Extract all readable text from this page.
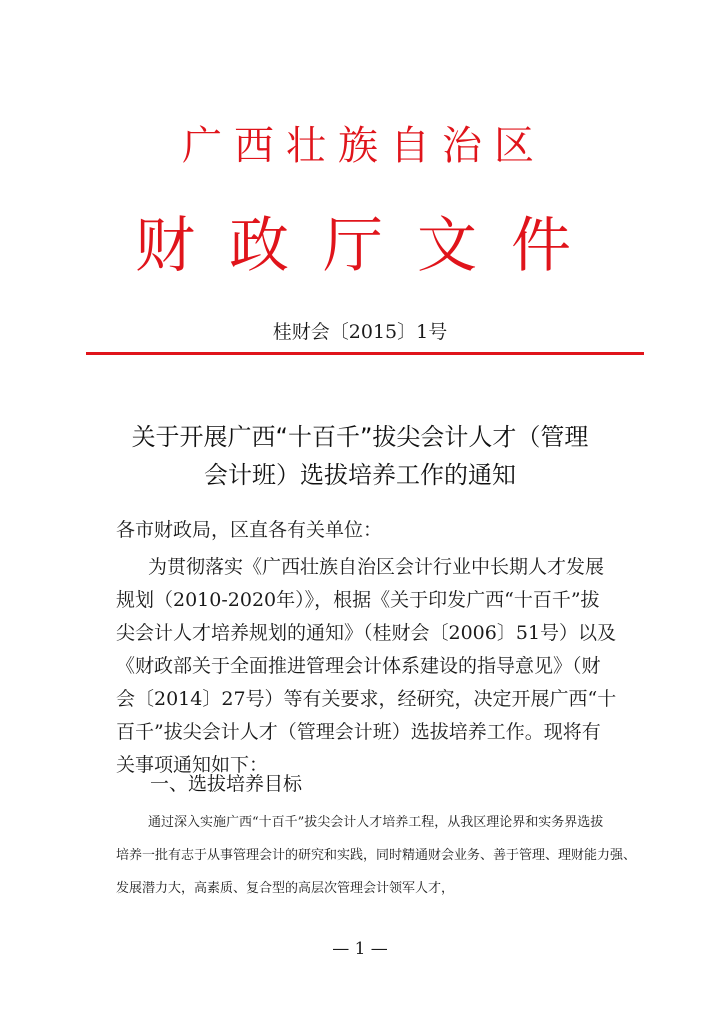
广西壮族自治区
财政厅文件
桂财会〔2015〕1号
关于开展广西“十百千”拔尖会计人才（管理
会计班）选拔培养工作的通知
各市财政局，区直各有关单位：
为贯彻落实《广西壮族自治区会计行业中长期人才发展
规划（2010-2020年）》，根据《关于印发广西“十百千”拔
尖会计人才培养规划的通知》（桂财会〔2006〕51号）以及
《财政部关于全面推进管理会计体系建设的指导意见》（财
会〔2014〕27号）等有关要求，经研究，决定开展广西“十
百千”拔尖会计人才（管理会计班）选拔培养工作。现将有
关事项通知如下：
一、选拔培养目标
通过深入实施广西“十百千”拔尖会计人才培养工程，从我区理论界和实务界选拔
培养一批有志于从事管理会计的研究和实践，同时精通财会业务、善于管理、理财能力强、
发展潜力大，高素质、复合型的高层次管理会计领军人才，
— 1 —
